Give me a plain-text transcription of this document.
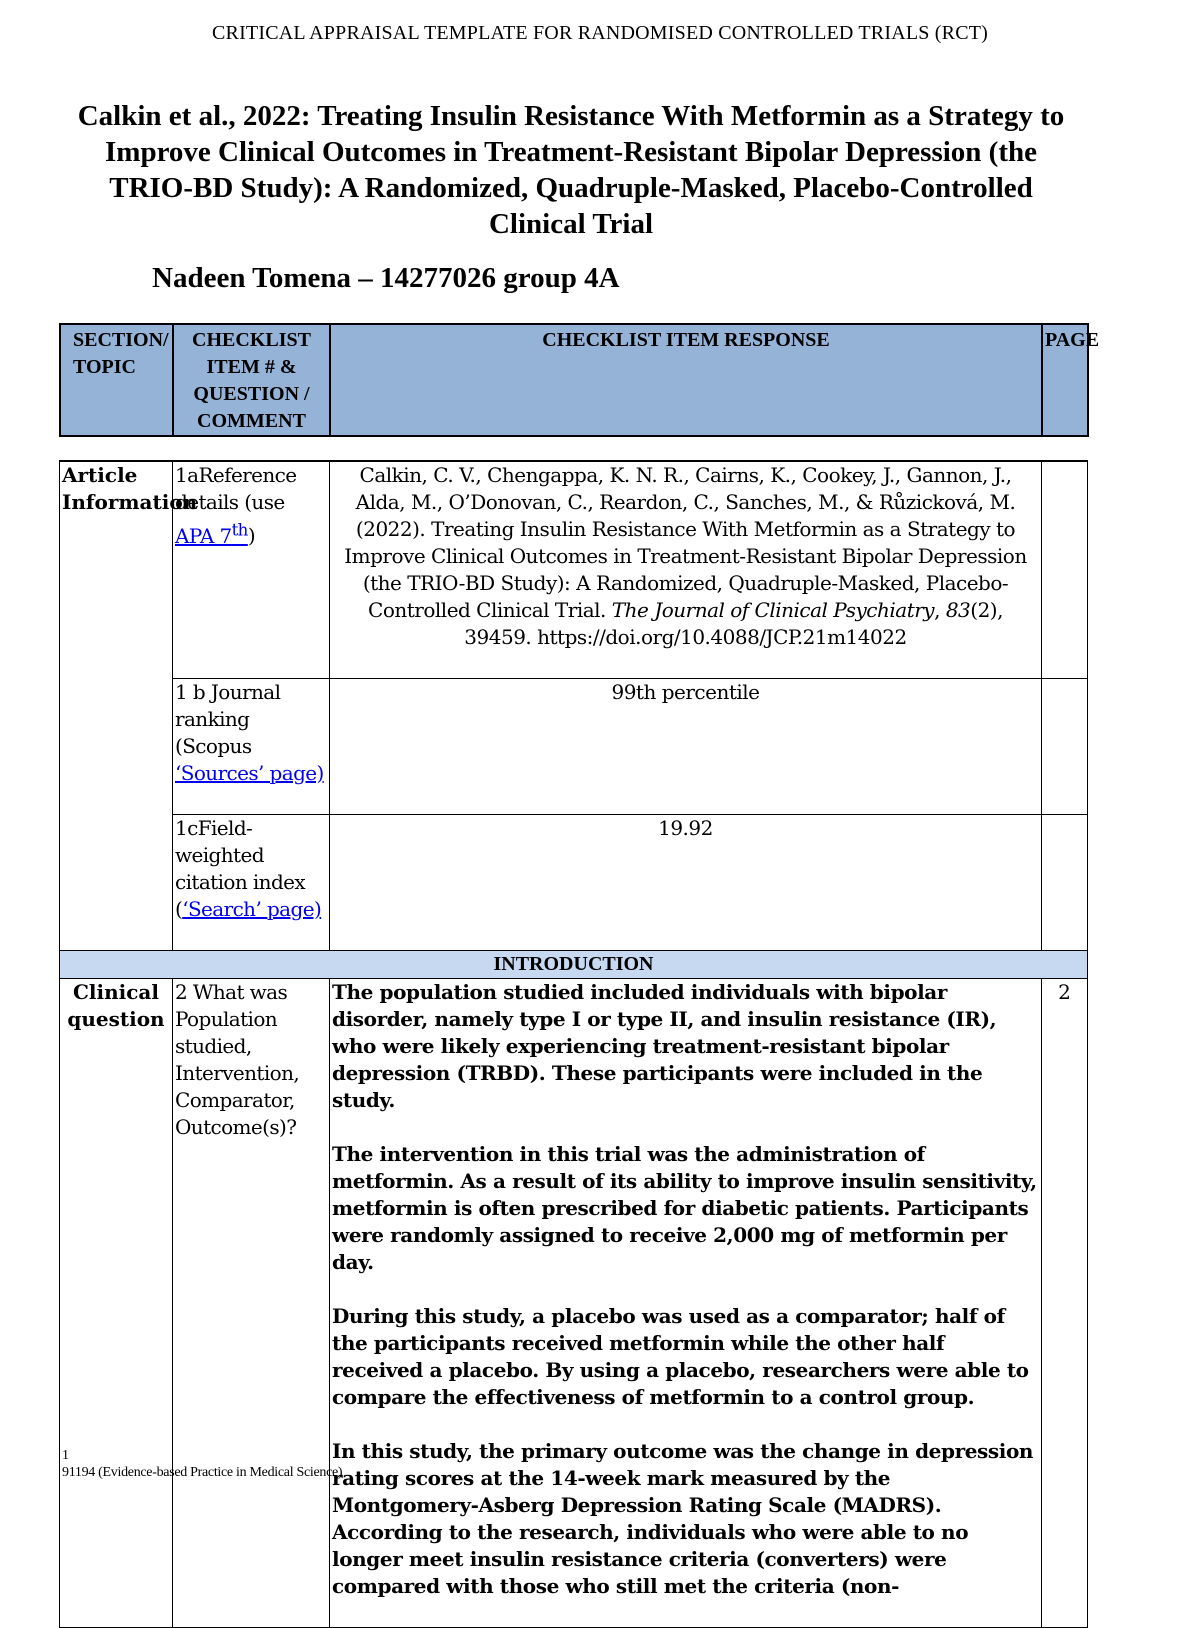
CRITICAL APPRAISAL TEMPLATE FOR RANDOMISED CONTROLLED TRIALS (RCT)
Calkin et al., 2022: Treating Insulin Resistance With Metformin as a Strategy to Improve Clinical Outcomes in Treatment-Resistant Bipolar Depression (the TRIO-BD Study): A Randomized, Quadruple-Masked, Placebo-Controlled Clinical Trial
Nadeen Tomena – 14277026 group 4A
SECTION/ TOPIC	CHECKLIST ITEM # & QUESTION / COMMENT	CHECKLIST ITEM RESPONSE	PAGE
Article Information	1aReference details (use APA 7th)	Calkin, C. V., Chengappa, K. N. R., Cairns, K., Cookey, J., Gannon, J., Alda, M., O’Donovan, C., Reardon, C., Sanches, M., & Růzicková, M. (2022). Treating Insulin Resistance With Metformin as a Strategy to Improve Clinical Outcomes in Treatment-Resistant Bipolar Depression (the TRIO-BD Study): A Randomized, Quadruple-Masked, Placebo-Controlled Clinical Trial. The Journal of Clinical Psychiatry, 83(2), 39459. https://doi.org/10.4088/JCP.21m14022	
	1 b Journal ranking (Scopus ‘Sources’ page)	99th percentile	
	1cField-weighted citation index (‘Search’ page)	19.92	
INTRODUCTION			
Clinical question	2 What was Population studied, Intervention, Comparator, Outcome(s)?	The population studied included individuals with bipolar disorder, namely type I or type II, and insulin resistance (IR), who were likely experiencing treatment-resistant bipolar depression (TRBD). These participants were included in the study.

The intervention in this trial was the administration of metformin. As a result of its ability to improve insulin sensitivity, metformin is often prescribed for diabetic patients. Participants were randomly assigned to receive 2,000 mg of metformin per day.

During this study, a placebo was used as a comparator; half of the participants received metformin while the other half received a placebo. By using a placebo, researchers were able to compare the effectiveness of metformin to a control group.

In this study, the primary outcome was the change in depression rating scores at the 14-week mark measured by the Montgomery-Asberg Depression Rating Scale (MADRS). According to the research, individuals who were able to no longer meet insulin resistance criteria (converters) were compared with those who still met the criteria (non-	2
1
91194 (Evidence-based Practice in Medical Science)
